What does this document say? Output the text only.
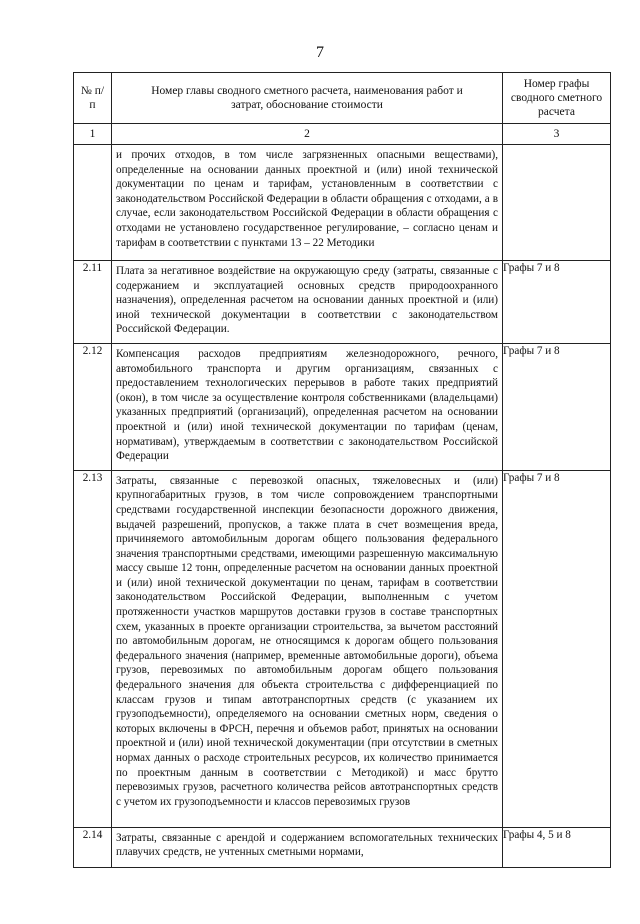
7
№ п/п	Номер главы сводного сметного расчета, наименования работ и затрат, обоснование стоимости	Номер графы сводного сметного расчета

1	2	3

	и прочих отходов, в том числе загрязненных опасными веществами), определенные на основании данных проектной и (или) иной технической документации по ценам и тарифам, установленным в соответствии с законодательством Российской Федерации в области обращения с отходами, а в случае, если законодательством Российской Федерации в области обращения с отходами не установлено государственное регулирование, – согласно ценам и тарифам в соответствии с пунктами 13 – 22 Методики	

2.11	Плата за негативное воздействие на окружающую среду (затраты, связанные с содержанием и эксплуатацией основных средств природоохранного назначения), определенная расчетом на основании данных проектной и (или) иной технической документации в соответствии с законодательством Российской Федерации.	Графы 7 и 8
2.12	Компенсация расходов предприятиям железнодорожного, речного, автомобильного транспорта и другим организациям, связанных с предоставлением технологических перерывов в работе таких предприятий (окон), в том числе за осуществление контроля собственниками (владельцами) указанных предприятий (организаций), определенная расчетом на основании проектной и (или) иной технической документации по тарифам (ценам, нормативам), утверждаемым в соответствии с законодательством Российской Федерации	Графы 7 и 8
2.13	Затраты, связанные с перевозкой опасных, тяжеловесных и (или) крупногабаритных грузов, в том числе сопровождением транспортными средствами государственной инспекции безопасности дорожного движения, выдачей разрешений, пропусков, а также плата в счет возмещения вреда, причиняемого автомобильным дорогам общего пользования федерального значения транспортными средствами, имеющими разрешенную максимальную массу свыше 12 тонн, определенные расчетом на основании данных проектной и (или) иной технической документации по ценам, тарифам в соответствии законодательством Российской Федерации, выполненным с учетом протяженности участков маршрутов доставки грузов в составе транспортных схем, указанных в проекте организации строительства, за вычетом расстояний по автомобильным дорогам, не относящимся к дорогам общего пользования федерального значения (например, временные автомобильные дороги), объема грузов, перевозимых по автомобильным дорогам общего пользования федерального значения для объекта строительства с дифференциацией по классам грузов и типам автотранспортных средств (с указанием их грузоподъемности), определяемого на основании сметных норм, сведения о которых включены в ФРСН, перечня и объемов работ, принятых на основании проектной и (или) иной технической документации (при отсутствии в сметных нормах данных о расходе строительных ресурсов, их количество принимается по проектным данным в соответствии с Методикой) и масс брутто перевозимых грузов, расчетного количества рейсов автотранспортных средств с учетом их грузоподъемности и классов перевозимых грузов	Графы 7 и 8
2.14	Затраты, связанные с арендой и содержанием вспомогательных технических плавучих средств, не учтенных сметными нормами,	Графы 4, 5 и 8
